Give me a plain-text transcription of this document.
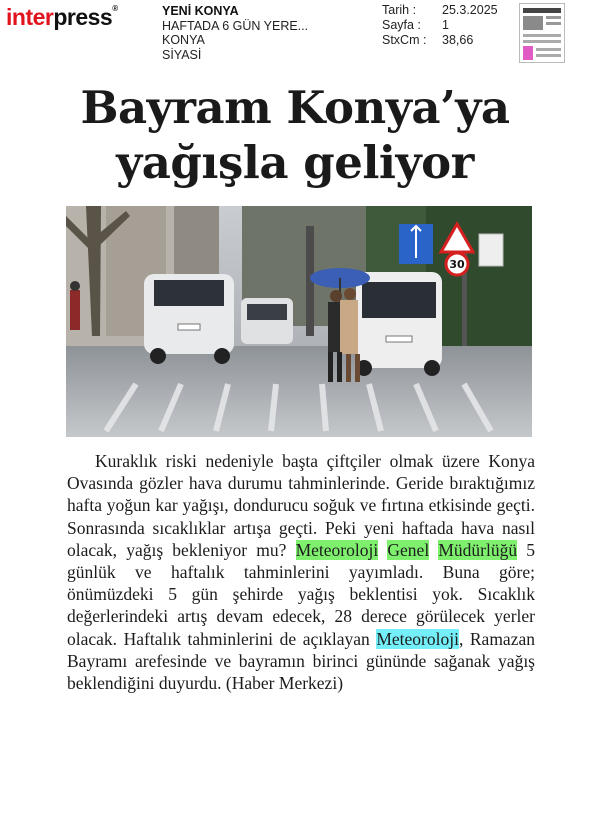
interpress®	YENİ KONYA
HAFTADA 6 GÜN YERE...
KONYA
SİYASİ
Tarih :	25.3.2025
Sayfa :	1
StxCm :	38,66
Bayram Konya’ya
yağışla geliyor
30
Kuraklık riski nedeniyle başta çiftçiler olmak üzere Konya Ovasında gözler hava durumu tahminlerinde. Geride bıraktığımız hafta yoğun kar yağışı, dondurucu soğuk ve fırtına etkisinde geçti. Sonrasında sıcaklıklar artışa geçti. Peki yeni haftada hava nasıl olacak, yağış bekleniyor mu? Meteoroloji Genel Müdürlüğü 5 günlük ve haftalık tahminlerini yayımladı. Buna göre; önümüzdeki 5 gün şehirde yağış beklentisi yok. Sıcaklık değerlerindeki artış devam edecek, 28 derece görülecek yerler olacak. Haftalık tahminlerini de açıklayan Meteoroloji, Ramazan Bayramı arefesinde ve bayramın birinci gününde sağanak yağış beklendiğini duyurdu. (Haber Merkezi)
